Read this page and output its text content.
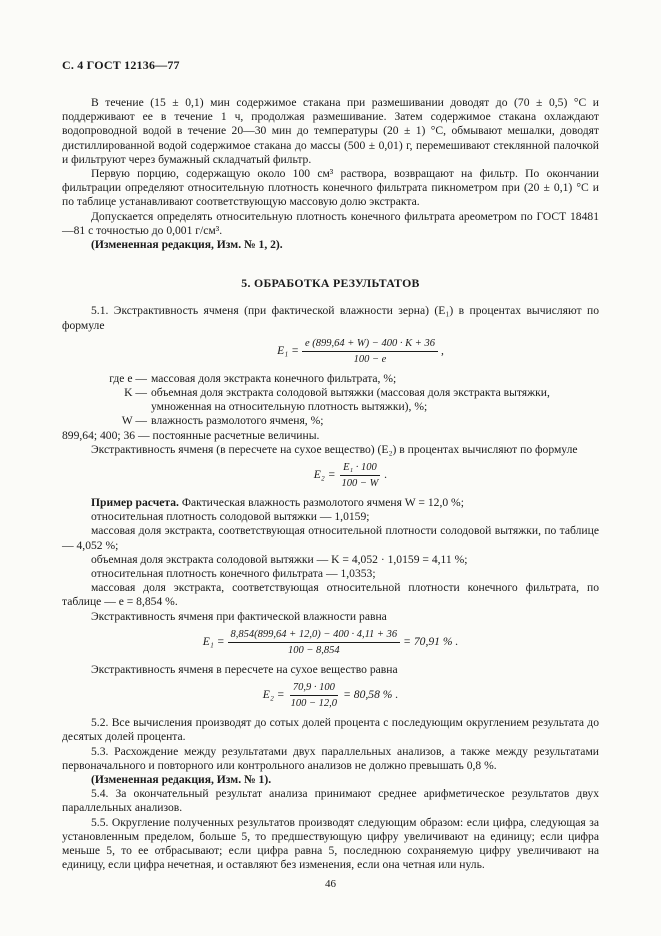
С. 4 ГОСТ 12136—77

В течение (15 ± 0,1) мин содержимое стакана при размешивании доводят до (70 ± 0,5) °С и поддерживают ее в течение 1 ч, продолжая размешивание. Затем содержимое стакана охлаждают водопроводной водой в течение 20—30 мин до температуры (20 ± 1) °С, обмывают мешалки, доводят дистиллированной водой содержимое стакана до массы (500 ± 0,01) г, перемешивают стеклянной палочкой и фильтруют через бумажный складчатый фильтр.

Первую порцию, содержащую около 100 см³ раствора, возвращают на фильтр. По окончании фильтрации определяют относительную плотность конечного фильтрата пикнометром при (20 ± 0,1) °С и по таблице устанавливают соответствующую массовую долю экстракта.

Допускается определять относительную плотность конечного фильтрата ареометром по ГОСТ 18481—81 с точностью до 0,001 г/см³.

(Измененная редакция, Изм. № 1, 2).

5. ОБРАБОТКА РЕЗУЛЬТАТОВ

5.1. Экстрактивность ячменя (при фактической влажности зерна) (E₁) в процентах вычисляют по формуле

$E_1 = \frac{e (899,64 + W) - 400 \cdot K + 36}{100 - e}$ ,
где e — массовая доля экстракта конечного фильтрата, %;
K — объемная доля экстракта солодовой вытяжки (массовая доля экстракта вытяжки, умноженная на относительную плотность вытяжки), %;
W — влажность размолотого ячменя, %;

899,64; 400; 36 — постоянные расчетные величины.

Экстрактивность ячменя (в пересчете на сухое вещество) (E₂) в процентах вычисляют по формуле

$E_2 = \frac{\text{E₁ · 100}}{100 - W}$ .

Пример расчета. Фактическая влажность размолотого ячменя W = 12,0 %;

относительная плотность солодовой вытяжки — 1,0159;

массовая доля экстракта, соответствующая относительной плотности солодовой вытяжки, по таблице — 4,052 %;

объемная доля экстракта солодовой вытяжки — K = 4,052 · 1,0159 = 4,11 %;

относительная плотность конечного фильтрата — 1,0353;

массовая доля экстракта, соответствующая относительной плотности конечного фильтрата, по таблице — e = 8,854 %.

Экстрактивность ячменя при фактической влажности равна

$E_1 = \frac{8,854(899,64 + 12,0) - 400 \cdot 4,11 + 36}{100 - 8,854} = 70,91$ % .

Экстрактивность ячменя в пересчете на сухое вещество равна

$E_2 = \frac{70,9 \cdot 100}{100 - 12,0} = 80,58$ % .

5.2. Все вычисления производят до сотых долей процента с последующим округлением результата до десятых долей процента.

5.3. Расхождение между результатами двух параллельных анализов, а также между результатами первоначального и повторного или контрольного анализов не должно превышать 0,8 %.

(Измененная редакция, Изм. № 1).

5.4. За окончательный результат анализа принимают среднее арифметическое результатов двух параллельных анализов.

5.5. Округление полученных результатов производят следующим образом: если цифра, следующая за установленным пределом, больше 5, то предшествующую цифру увеличивают на единицу; если цифра меньше 5, то ее отбрасывают; если цифра равна 5, последнюю сохраняемую цифру увеличивают на единицу, если цифра нечетная, и оставляют без изменения, если она четная или нуль.

46
